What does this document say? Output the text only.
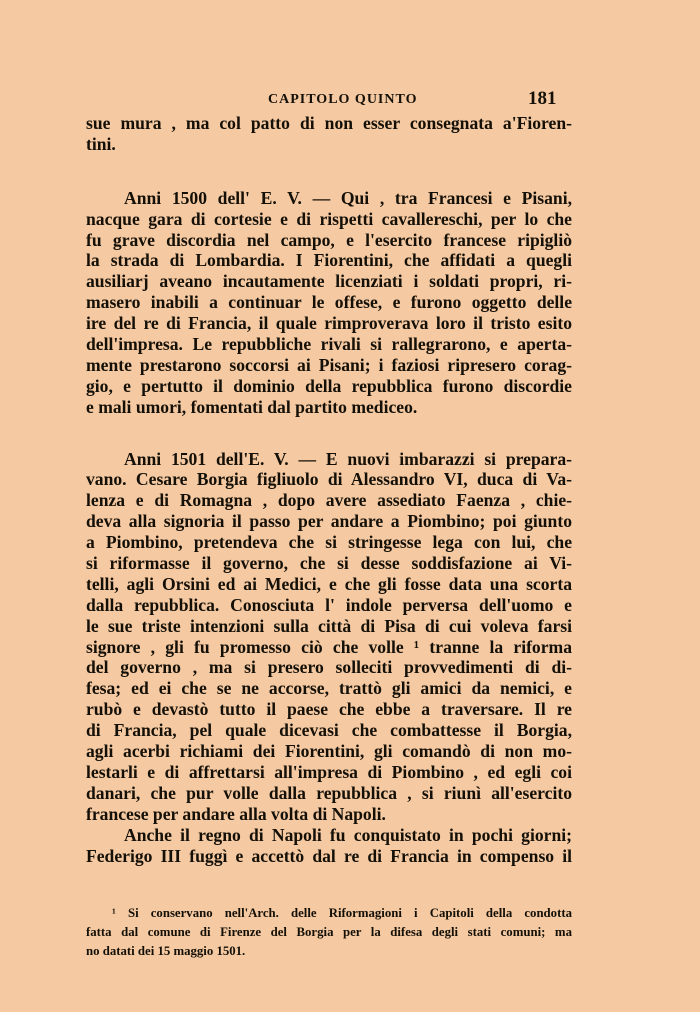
CAPITOLO QUINTO	181

sue mura , ma col patto di non esser consegnata a'Fioren-
tini.

Anni 1500 dell' E. V. — Qui , tra Francesi e Pisani,
nacque gara di cortesie e di rispetti cavallereschi, per lo che
fu grave discordia nel campo, e l'esercito francese ripigliò
la strada di Lombardia. I Fiorentini, che affidati a quegli
ausiliarj aveano incautamente licenziati i soldati propri, ri-
masero inabili a continuar le offese, e furono oggetto delle
ire del re di Francia, il quale rimproverava loro il tristo esito
dell'impresa. Le repubbliche rivali si rallegrarono, e aperta-
mente prestarono soccorsi ai Pisani; i faziosi ripresero corag-
gio, e pertutto il dominio della repubblica furono discordie
e mali umori, fomentati dal partito mediceo.

Anni 1501 dell'E. V. — E nuovi imbarazzi si prepara-
vano. Cesare Borgia figliuolo di Alessandro VI, duca di Va-
lenza e di Romagna , dopo avere assediato Faenza , chie-
deva alla signoria il passo per andare a Piombino; poi giunto
a Piombino, pretendeva che si stringesse lega con lui, che
si riformasse il governo, che si desse soddisfazione ai Vi-
telli, agli Orsini ed ai Medici, e che gli fosse data una scorta
dalla repubblica. Conosciuta l' indole perversa dell'uomo e
le sue triste intenzioni sulla città di Pisa di cui voleva farsi
signore , gli fu promesso ciò che volle ¹ tranne la riforma
del governo , ma si presero solleciti provvedimenti di di-
fesa; ed ei che se ne accorse, trattò gli amici da nemici, e
rubò e devastò tutto il paese che ebbe a traversare. Il re
di Francia, pel quale dicevasi che combattesse il Borgia,
agli acerbi richiami dei Fiorentini, gli comandò di non mo-
lestarli e di affrettarsi all'impresa di Piombino , ed egli coi
danari, che pur volle dalla repubblica , si riunì all'esercito
francese per andare alla volta di Napoli.

Anche il regno di Napoli fu conquistato in pochi giorni;
Federigo III fuggì e accettò dal re di Francia in compenso il

¹ Si conservano nell'Arch. delle Riformagioni i Capitoli della condotta
fatta dal comune di Firenze del Borgia per la difesa degli stati comuni; ma
no datati dei 15 maggio 1501.
